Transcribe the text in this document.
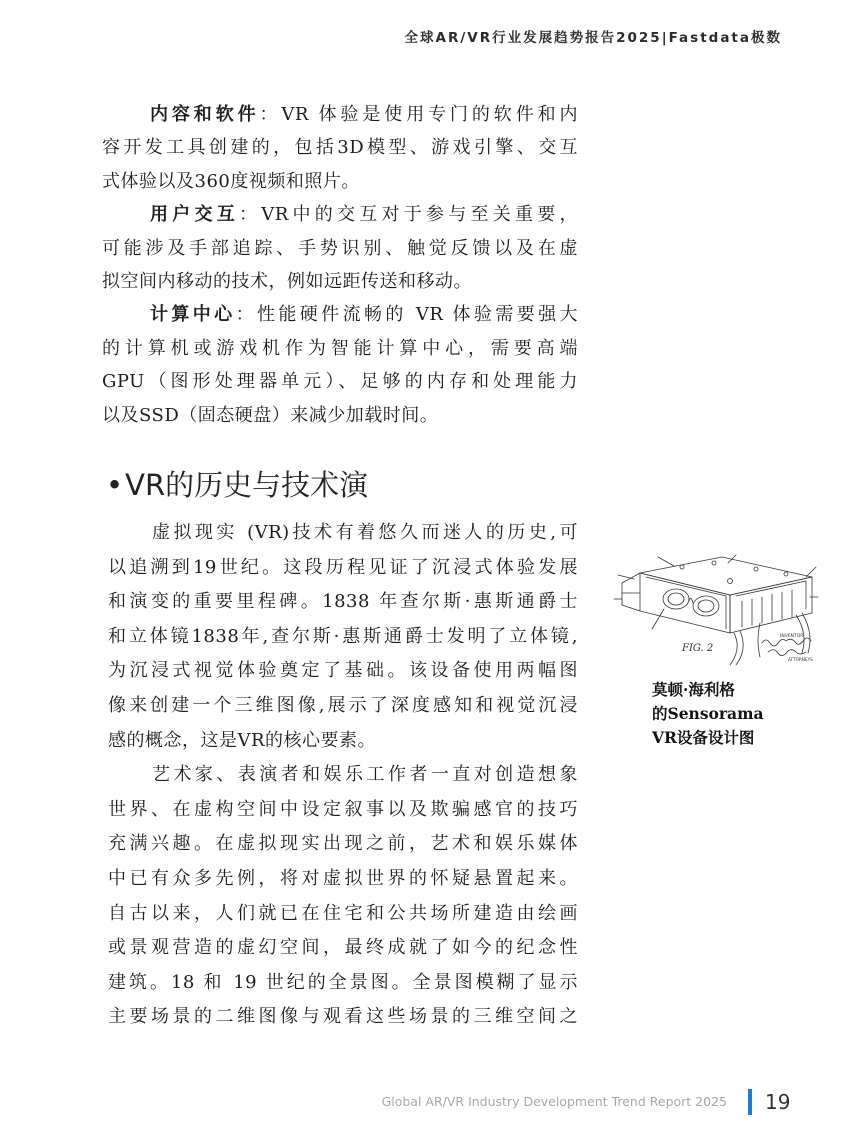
全球AR/VR行业发展趋势报告2025|Fastdata极数
内容和软件：VR 体验是使用专门的软件和内
容开发工具创建的，包括3D模型、游戏引擎、交互
式体验以及360度视频和照片。
用户交互：VR中的交互对于参与至关重要，
可能涉及手部追踪、手势识别、触觉反馈以及在虚
拟空间内移动的技术，例如远距传送和移动。
计算中心：性能硬件流畅的 VR 体验需要强大
的计算机或游戏机作为智能计算中心，需要高端
GPU（图形处理器单元）、足够的内存和处理能力
以及SSD（固态硬盘）来减少加载时间。
•VR的历史与技术演
虚拟现实 (VR)技术有着悠久而迷人的历史,可
以追溯到19世纪。这段历程见证了沉浸式体验发展
和演变的重要里程碑。1838 年查尔斯·惠斯通爵士
和立体镜1838年,查尔斯·惠斯通爵士发明了立体镜,
为沉浸式视觉体验奠定了基础。该设备使用两幅图
像来创建一个三维图像,展示了深度感知和视觉沉浸
感的概念，这是VR的核心要素。
艺术家、表演者和娱乐工作者一直对创造想象
世界、在虚构空间中设定叙事以及欺骗感官的技巧
充满兴趣。在虚拟现实出现之前，艺术和娱乐媒体
中已有众多先例，将对虚拟世界的怀疑悬置起来。
自古以来，人们就已在住宅和公共场所建造由绘画
或景观营造的虚幻空间，最终成就了如今的纪念性
建筑。18 和 19 世纪的全景图。全景图模糊了显示
主要场景的二维图像与观看这些场景的三维空间之
FIG. 2
INVENTOR
ATTORNEYS
莫顿·海利格
的Sensorama
VR设备设计图
Global AR/VR Industry Development Trend Report 2025 19
